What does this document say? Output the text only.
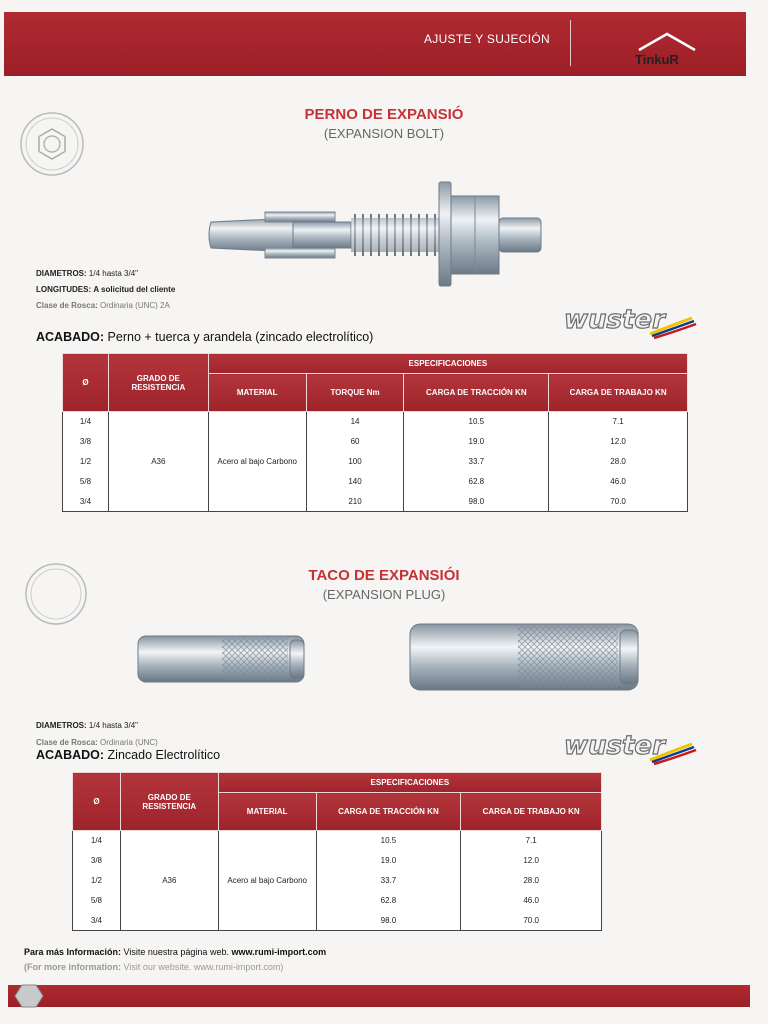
AJUSTE Y SUJECIÓN
TinkuR
PERNO DE EXPANSIÓ
(EXPANSION BOLT)
DIAMETROS: 1/4 hasta 3/4"
LONGITUDES: A solicitud del cliente
Clase de Rosca: Ordinaria (UNC) 2A	wuster
ACABADO: Perno + tuerca y arandela (zincado electrolítico)
Ø	GRADO DE RESISTENCIA	ESPECIFICACIONES			
		MATERIAL	TORQUE Nm	CARGA DE TRACCIÓN KN	CARGA DE TRABAJO KN
1/4	A36	Acero al bajo Carbono	14	10.5	7.1
3/8			60	19.0	12.0
1/2			100	33.7	28.0
5/8			140	62.8	46.0
3/4			210	98.0	70.0
TACO DE EXPANSIÓI
(EXPANSION PLUG)
DIAMETROS: 1/4 hasta 3/4"
Clase de Rosca: Ordinaria (UNC)	wuster
ACABADO: Zincado Electrolítico
Ø	GRADO DE RESISTENCIA	ESPECIFICACIONES		
		MATERIAL	CARGA DE TRACCIÓN KN	CARGA DE TRABAJO KN
1/4	A36	Acero al bajo Carbono	10.5	7.1
3/8			19.0	12.0
1/2			33.7	28.0
5/8			62.8	46.0
3/4			98.0	70.0
Para más Información: Visite nuestra página web. www.rumi-import.com
(For more information: Visit our website. www.rumi-import.com)
